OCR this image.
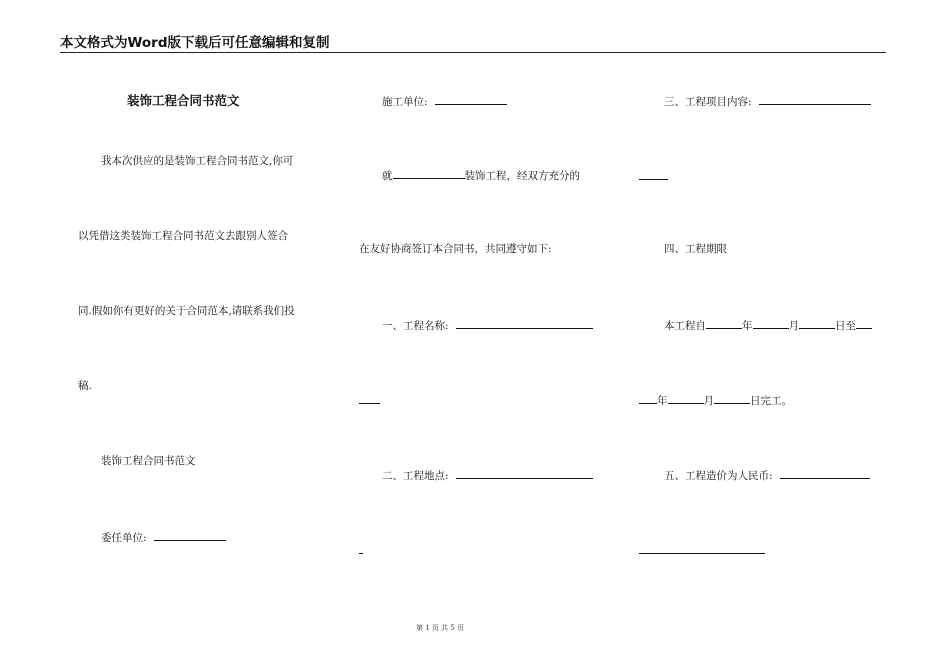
本文格式为Word版下载后可任意编辑和复制
装饰工程合同书范文
我本次供应的是装饰工程合同书范文,你可
以凭借这类装饰工程合同书范文去跟别人签合
同.假如你有更好的关于合同范本,请联系我们投
稿.
装饰工程合同书范文
委任单位:
施工单位:
就	装饰工程，经双方充分的
在友好协商签订本合同书，共同遵守如下:
一、工程名称:
二、工程地点:
三、工程项目内容:
四、工程期限
本工程自	年	月	日至
年	月	日完工。
五、工程造价为人民币:
第 1 页 共 5 页
